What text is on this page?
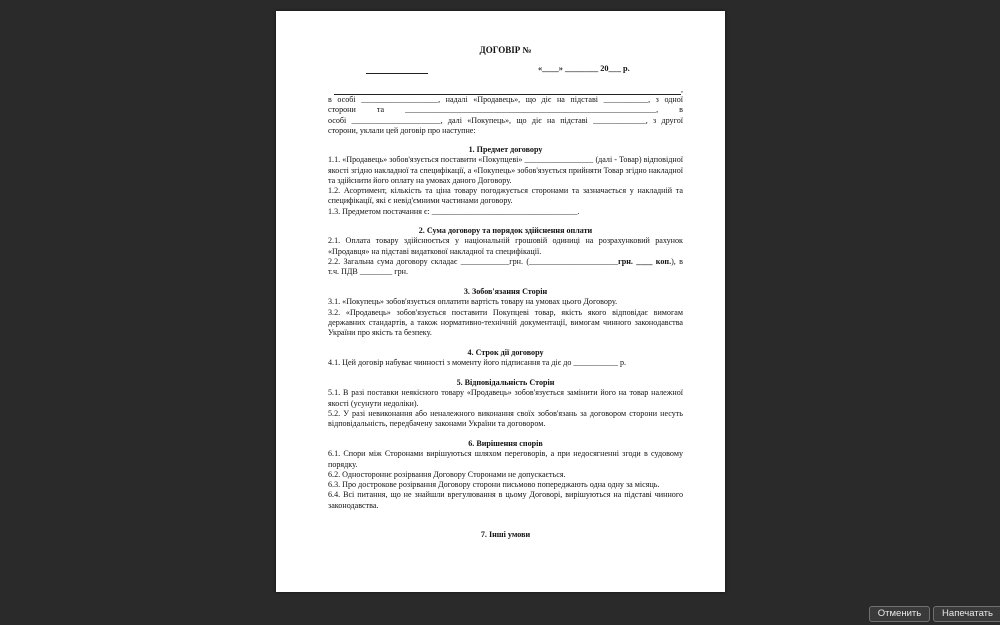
ДОГОВІР №
«____» ________ 20___ р.
,

в особі ___________________, надалі «Продавець», що діє на підставі ___________, з одної

сторони та ______________________________________________________________, в

особі ______________________, далі «Покупець», що діє на підставі _____________, з другої

сторони, уклали цей договір про наступне:

1. Предмет договору

1.1. «Продавець» зобов'язується поставити «Покупцеві» _________________ (далі - Товар) відповідної якості згідно накладної та специфікації, а «Покупець» зобов'язується прийняти Товар згідно накладної та здійснити його оплату на умовах даного Договору.

1.2. Асортимент, кількість та ціна товару погоджується сторонами та зазначається у накладній та специфікації, які є невід'ємними частинами договору.

1.3. Предметом постачання є: ____________________________________.

2. Сума договору та порядок здійснення оплати

2.1. Оплата товару здійснюється у національній грошовій одиниці на розрахунковий рахунок «Продавця» на підставі видаткової накладної та специфікації.

2.2. Загальна сума договору складає ____________грн. (______________________грн. ____ коп.), в т.ч. ПДВ ________ грн.

3. Зобов'язання Сторін

3.1. «Покупець» зобов'язується оплатити вартість товару на умовах цього Договору.

3.2. «Продавець» зобов'язується поставити Покупцеві товар, якість якого відповідає вимогам державних стандартів, а також нормативно-технічній документації, вимогам чинного законодавства України про якість та безпеку.

4. Строк дії договору

4.1. Цей договір набуває чинності з моменту його підписання та діє до ___________ р.

5. Відповідальність Сторін

5.1. В разі поставки неякісного товару «Продавець» зобов'язується замінити його на товар належної якості (усунути недоліки).

5.2. У разі невиконання або неналежного виконання своїх зобов'язань за договором сторони несуть відповідальність, передбачену законами України та договором.

6. Вирішення спорів

6.1. Спори між Сторонами вирішуються шляхом переговорів, а при недосягненні згоди в судовому порядку.

6.2. Одностороннє розірвання Договору Сторонами не допускається.

6.3. Про дострокове розірвання Договору сторони письмово попереджають одна одну за місяць.

6.4. Всі питання, що не знайшли врегулювання в цьому Договорі, вирішуються на підставі чинного законодавства.

7. Інші умови
Отменить	Напечатать
